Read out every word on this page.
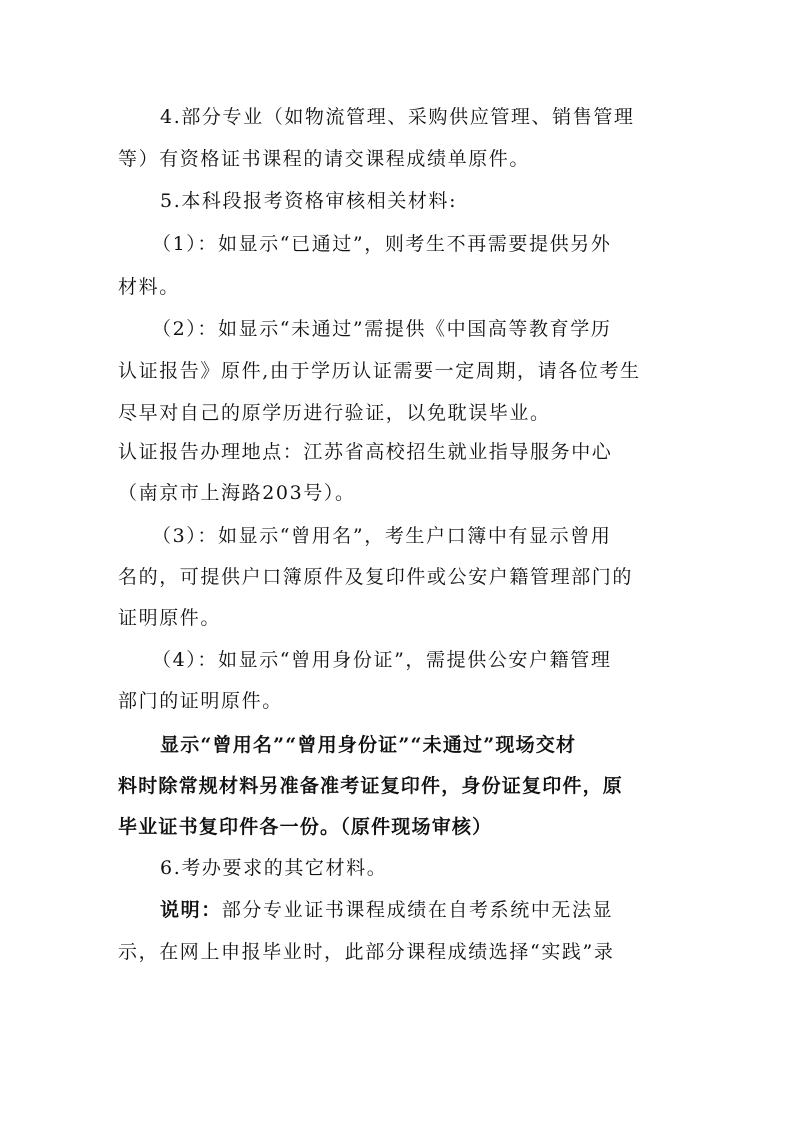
4.部分专业（如物流管理、采购供应管理、销售管理
等）有资格证书课程的请交课程成绩单原件。
5.本科段报考资格审核相关材料:
（1）：如显示“已通过”，则考生不再需要提供另外
材料。
（2）：如显示“未通过”需提供《中国高等教育学历
认证报告》原件,由于学历认证需要一定周期，请各位考生
尽早对自己的原学历进行验证，以免耽误毕业。
认证报告办理地点：江苏省高校招生就业指导服务中心
（南京市上海路203号）。
（3）：如显示“曾用名”，考生户口簿中有显示曾用
名的，可提供户口簿原件及复印件或公安户籍管理部门的
证明原件。
（4）：如显示“曾用身份证”，需提供公安户籍管理
部门的证明原件。
显示“曾用名”“曾用身份证”“未通过”现场交材
料时除常规材料另准备准考证复印件，身份证复印件，原
毕业证书复印件各一份。（原件现场审核）
6.考办要求的其它材料。
说明：部分专业证书课程成绩在自考系统中无法显
示，在网上申报毕业时，此部分课程成绩选择“实践”录
